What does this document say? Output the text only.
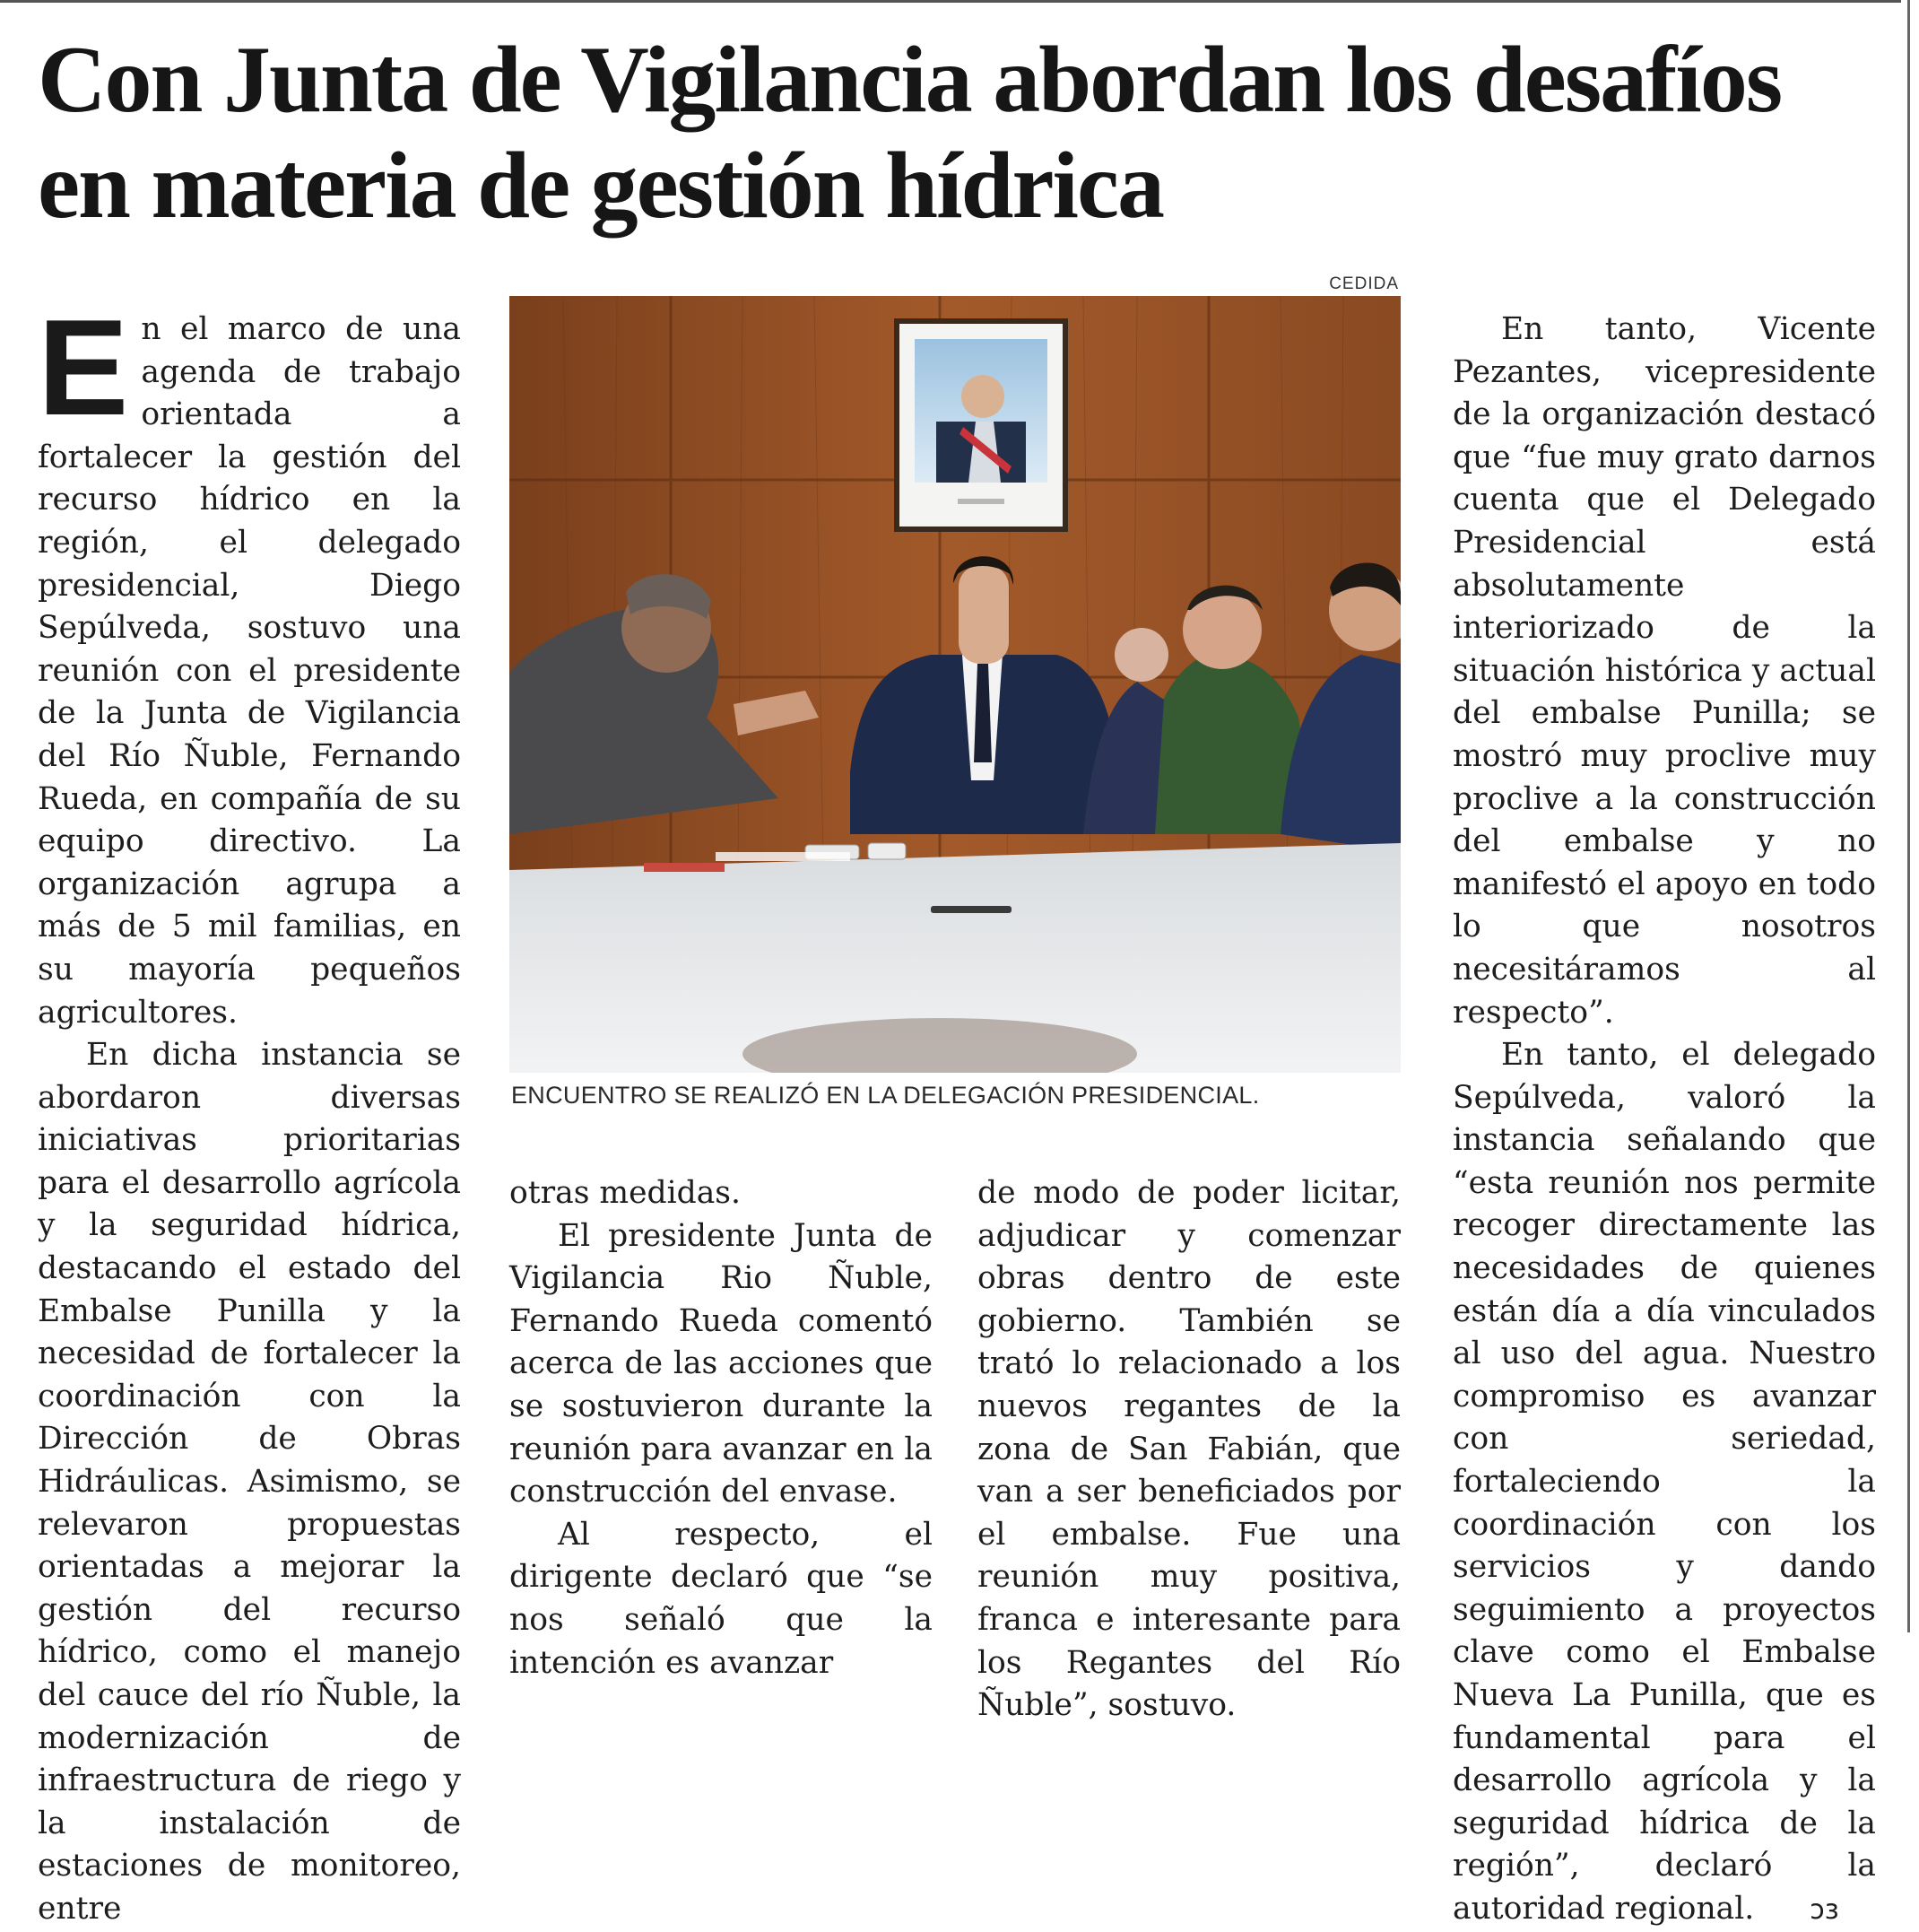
Con Junta de Vigilancia abordan los desafíos en materia de gestión hídrica
CEDIDA
ENCUENTRO SE REALIZÓ EN LA DELEGACIÓN PRESIDENCIAL.

En el marco de una agenda de trabajo orientada a fortalecer la gestión del recurso hídrico en la región, el delegado presidencial, Diego Sepúlveda, sostuvo una reunión con el presidente de la Junta de Vigilancia del Río Ñuble, Fernando Rueda, en compañía de su equipo directivo. La organización agrupa a más de 5 mil familias, en su mayoría pequeños agricultores.

En dicha instancia se abordaron diversas iniciativas prioritarias para el desarrollo agrícola y la seguridad hídrica, destacando el estado del Embalse Punilla y la necesidad de fortalecer la coordinación con la Dirección de Obras Hidráulicas. Asimismo, se relevaron propuestas orientadas a mejorar la gestión del recurso hídrico, como el manejo del cauce del río Ñuble, la modernización de infraestructura de riego y la instalación de estaciones de monitoreo, entre

otras medidas.

El presidente Junta de Vigilancia Rio Ñuble, Fernando Rueda comentó acerca de las acciones que se sostuvieron durante la reunión para avanzar en la construcción del envase.

Al respecto, el dirigente declaró que “se nos señaló que la intención es avanzar

de modo de poder licitar, adjudicar y comenzar obras dentro de este gobierno. También se trató lo relacionado a los nuevos regantes de la zona de San Fabián, que van a ser beneficiados por el embalse. Fue una reunión muy positiva, franca e interesante para los Regantes del Río Ñuble”, sostuvo.

En tanto, Vicente Pezantes, vicepresidente de la organización destacó que “fue muy grato darnos cuenta que el Delegado Presidencial está absolutamente interiorizado de la situación histórica y actual del embalse Punilla; se mostró muy proclive muy proclive a la construcción del embalse y no manifestó el apoyo en todo lo que nosotros necesitáramos al respecto”.

En tanto, el delegado Sepúlveda, valoró la instancia señalando que “esta reunión nos permite recoger directamente las necesidades de quienes están día a día vinculados al uso del agua. Nuestro compromiso es avanzar con seriedad, fortaleciendo la coordinación con los servicios y dando seguimiento a proyectos clave como el Embalse Nueva La Punilla, que es fundamental para el desarrollo agrícola y la seguridad hídrica de la región”, declaró la autoridad regional. ↄз
